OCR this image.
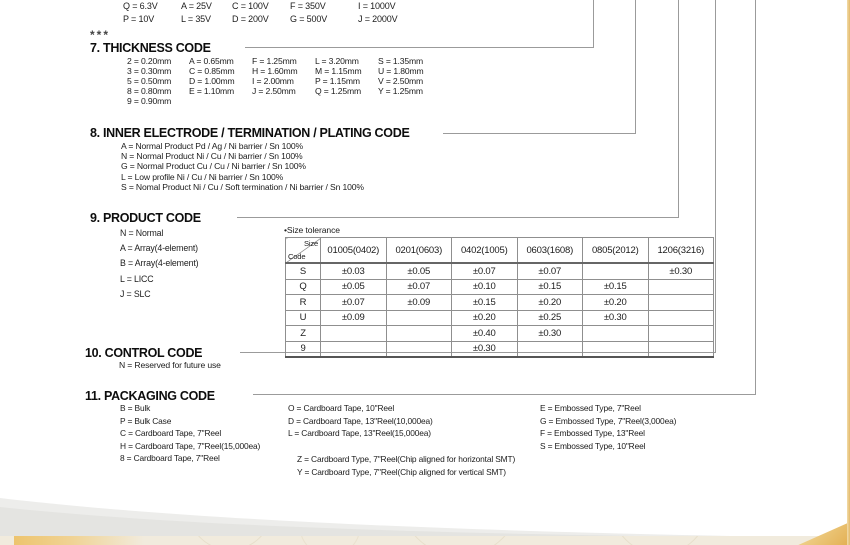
Q = 6.3V	A = 25V C = 100V F = 350V	I = 1000V
P = 10V	L = 35V D = 200V G = 500V	J = 2000V
***
7. THICKNESS CODE
2 = 0.20mm A = 0.65mm F = 1.25mm L = 3.20mm S = 1.35mm
3 = 0.30mm C = 0.85mm H = 1.60mm M = 1.15mm U = 1.80mm
5 = 0.50mm D = 1.00mm I = 2.00mm P = 1.15mm V = 2.50mm
8 = 0.80mm E = 1.10mm J = 2.50mm Q = 1.25mm Y = 1.25mm
9 = 0.90mm
8. INNER ELECTRODE / TERMINATION / PLATING CODE
A = Normal Product Pd / Ag / Ni barrier / Sn 100%
N = Normal Product Ni / Cu / Ni barrier / Sn 100%
G = Normal Product Cu / Cu / Ni barrier / Sn 100%
L = Low profile Ni / Cu / Ni barrier / Sn 100%
S = Nomal Product Ni / Cu / Soft termination / Ni barrier / Sn 100%
9. PRODUCT CODE
N = Normal
A = Array(4-element)
B = Array(4-element)
L = LICC
J = SLC
•Size tolerance
Size
Code	01005(0402)	0201(0603)	0402(1005)	0603(1608)	0805(2012)	1206(3216)
S	±0.03	±0.05	±0.07	±0.07		±0.30
Q	±0.05	±0.07	±0.10	±0.15	±0.15	
R	±0.07	±0.09	±0.15	±0.20	±0.20	
U	±0.09		±0.20	±0.25	±0.30	
Z			±0.40	±0.30		
9			±0.30			
10. CONTROL CODE
N = Reserved for future use
11. PACKAGING CODE
B = Bulk
P = Bulk Case
C = Cardboard Tape, 7"Reel
H = Cardboard Tape, 7"Reel(15,000ea)
8 = Cardboard Tape, 7"Reel
O = Cardboard Tape, 10"Reel
D = Cardboard Tape, 13"Reel(10,000ea)
L = Cardboard Tape, 13"Reel(15,000ea)
Z = Cardboard Type, 7"Reel(Chip aligned for horizontal SMT)
Y = Cardboard Type, 7"Reel(Chip aligned for vertical SMT)
E = Embossed Type, 7"Reel
G = Embossed Type, 7"Reel(3,000ea)
F = Embossed Type, 13"Reel
S = Embossed Type, 10"Reel
